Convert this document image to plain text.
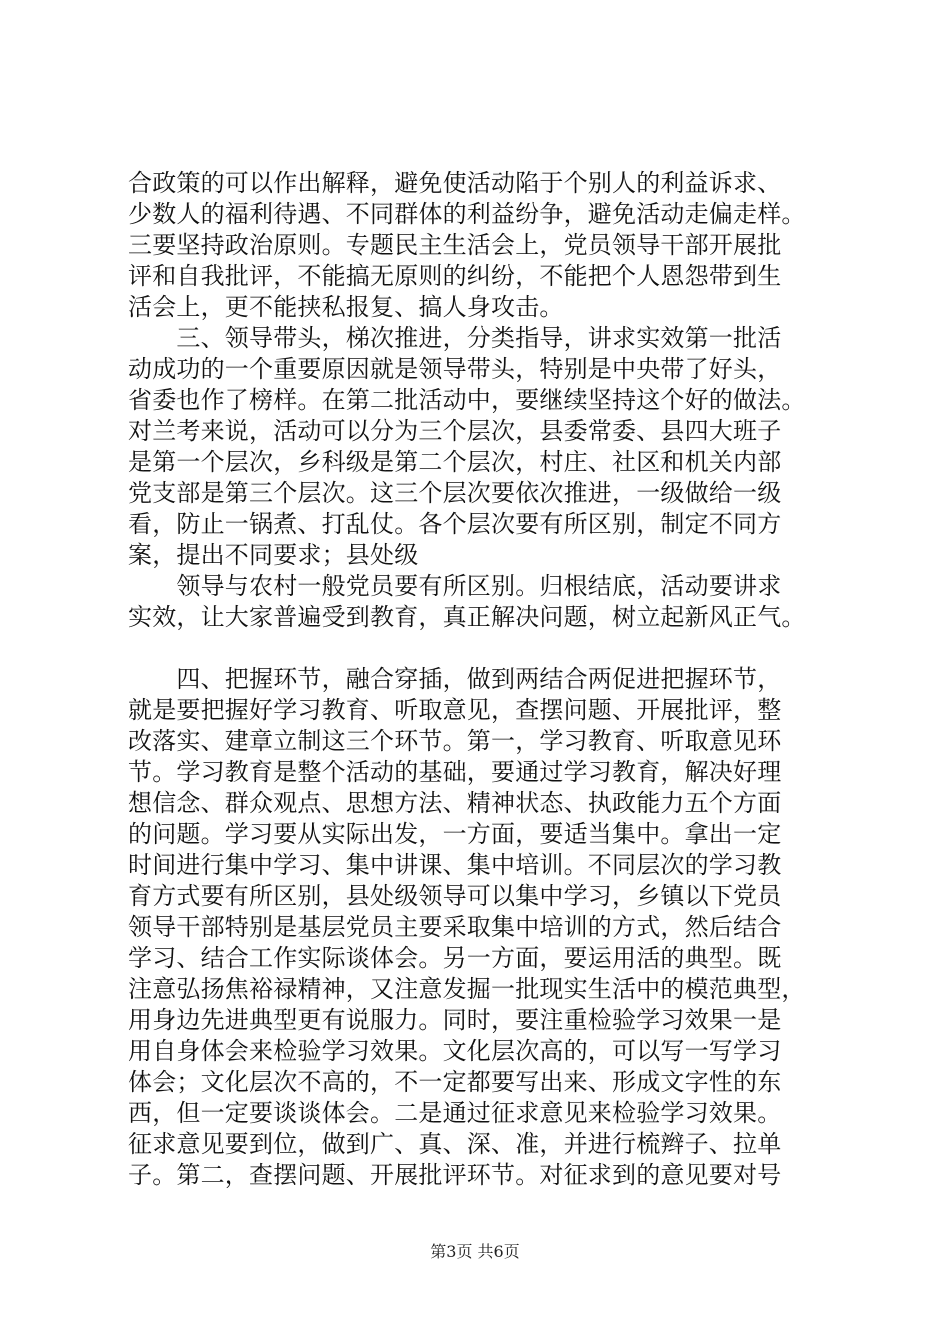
合政策的可以作出解释，避免使活动陷于个别人的利益诉求、
少数人的福利待遇、不同群体的利益纷争，避免活动走偏走样。
三要坚持政治原则。专题民主生活会上，党员领导干部开展批
评和自我批评，不能搞无原则的纠纷，不能把个人恩怨带到生
活会上，更不能挟私报复、搞人身攻击。
　　三、领导带头，梯次推进，分类指导，讲求实效第一批活
动成功的一个重要原因就是领导带头，特别是中央带了好头，
省委也作了榜样。在第二批活动中，要继续坚持这个好的做法。
对兰考来说，活动可以分为三个层次，县委常委、县四大班子
是第一个层次，乡科级是第二个层次，村庄、社区和机关内部
党支部是第三个层次。这三个层次要依次推进，一级做给一级
看，防止一锅煮、打乱仗。各个层次要有所区别，制定不同方
案，提出不同要求；县处级
　　领导与农村一般党员要有所区别。归根结底，活动要讲求
实效，让大家普遍受到教育，真正解决问题，树立起新风正气。
　　四、把握环节，融合穿插，做到两结合两促进把握环节，
就是要把握好学习教育、听取意见，查摆问题、开展批评，整
改落实、建章立制这三个环节。第一，学习教育、听取意见环
节。学习教育是整个活动的基础，要通过学习教育，解决好理
想信念、群众观点、思想方法、精神状态、执政能力五个方面
的问题。学习要从实际出发，一方面，要适当集中。拿出一定
时间进行集中学习、集中讲课、集中培训。不同层次的学习教
育方式要有所区别，县处级领导可以集中学习，乡镇以下党员
领导干部特别是基层党员主要采取集中培训的方式，然后结合
学习、结合工作实际谈体会。另一方面，要运用活的典型。既
注意弘扬焦裕禄精神，又注意发掘一批现实生活中的模范典型，
用身边先进典型更有说服力。同时，要注重检验学习效果一是
用自身体会来检验学习效果。文化层次高的，可以写一写学习
体会；文化层次不高的，不一定都要写出来、形成文字性的东
西，但一定要谈谈体会。二是通过征求意见来检验学习效果。
征求意见要到位，做到广、真、深、准，并进行梳辫子、拉单
子。第二，查摆问题、开展批评环节。对征求到的意见要对号
第3页 共6页
